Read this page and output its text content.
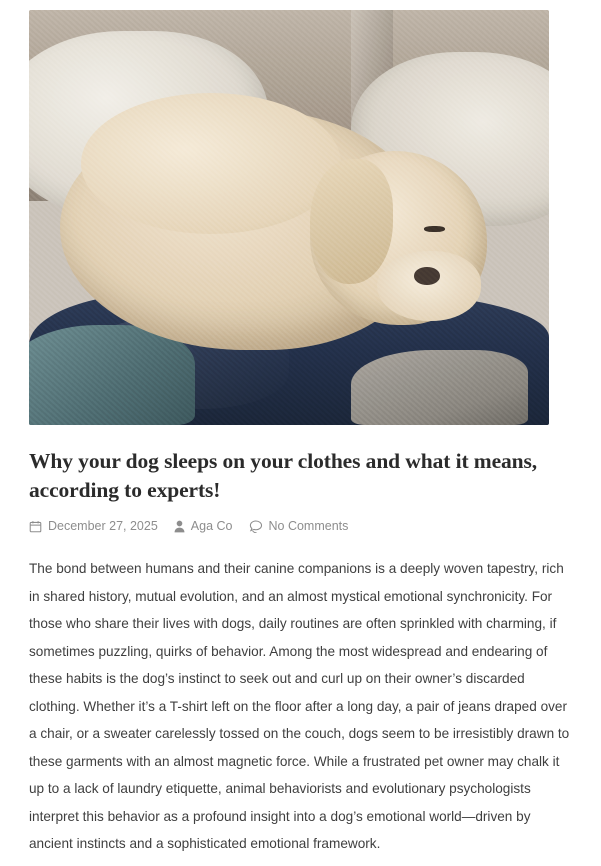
Why your dog sleeps on your clothes and what it means, according to experts!
December 27, 2025	Aga Co	No Comments

The bond between humans and their canine companions is a deeply woven tapestry, rich in shared history, mutual evolution, and an almost mystical emotional synchronicity. For those who share their lives with dogs, daily routines are often sprinkled with charming, if sometimes puzzling, quirks of behavior. Among the most widespread and endearing of these habits is the dog’s instinct to seek out and curl up on their owner’s discarded clothing. Whether it’s a T-shirt left on the floor after a long day, a pair of jeans draped over a chair, or a sweater carelessly tossed on the couch, dogs seem to be irresistibly drawn to these garments with an almost magnetic force. While a frustrated pet owner may chalk it up to a lack of laundry etiquette, animal behaviorists and evolutionary psychologists interpret this behavior as a profound insight into a dog’s emotional world—driven by ancient instincts and a sophisticated emotional framework.
